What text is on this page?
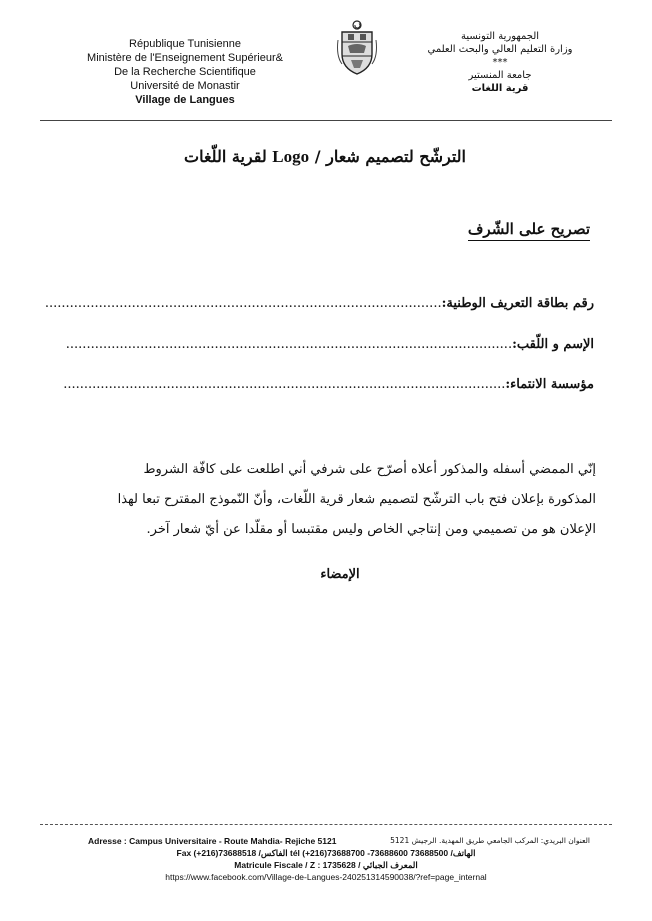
République Tunisienne
Ministère de l'Enseignement Supérieur&
De la Recherche Scientifique
Université de Monastir
Village de Langues
الجمهورية التونسية
وزارة التعليم العالي والبحث العلمي
***
جامعة المنستير
قرية اللغات
الترشّح لتصميم شعار / Logo لقرية اللّغات
تصريح على الشّرف
رقم بطاقة التعريف الوطنية:................................................................................................
الإسم و اللّقب:............................................................................................................
مؤسسة الانتماء:...........................................................................................................
إنّي الممضي أسفله والمذكور أعلاه أصرّح على شرفي أني اطلعت على كافّة الشروط
المذكورة بإعلان فتح باب الترشّح لتصميم شعار قرية اللّغات، وأنّ النّموذج المقترح تبعا لهذا
الإعلان هو من تصميمي ومن إنتاجي الخاص وليس مقتبسا أو مقلّدا عن أيّ شعار آخر.
الإمضاء
Adresse : Campus Universitaire - Route Mahdia- Rejiche 5121	العنوان البريدي: المركب الجامعي طريق المهدية. الرجيش 5121
الهاتف/ tél (+216)73688700 -73688600 73688500 الفاكس/ Fax (+216)73688518
المعرف الجبائي / Matricule Fiscale / Z : 1735628
https://www.facebook.com/Village-de-Langues-240251314590038/?ref=page_internal
